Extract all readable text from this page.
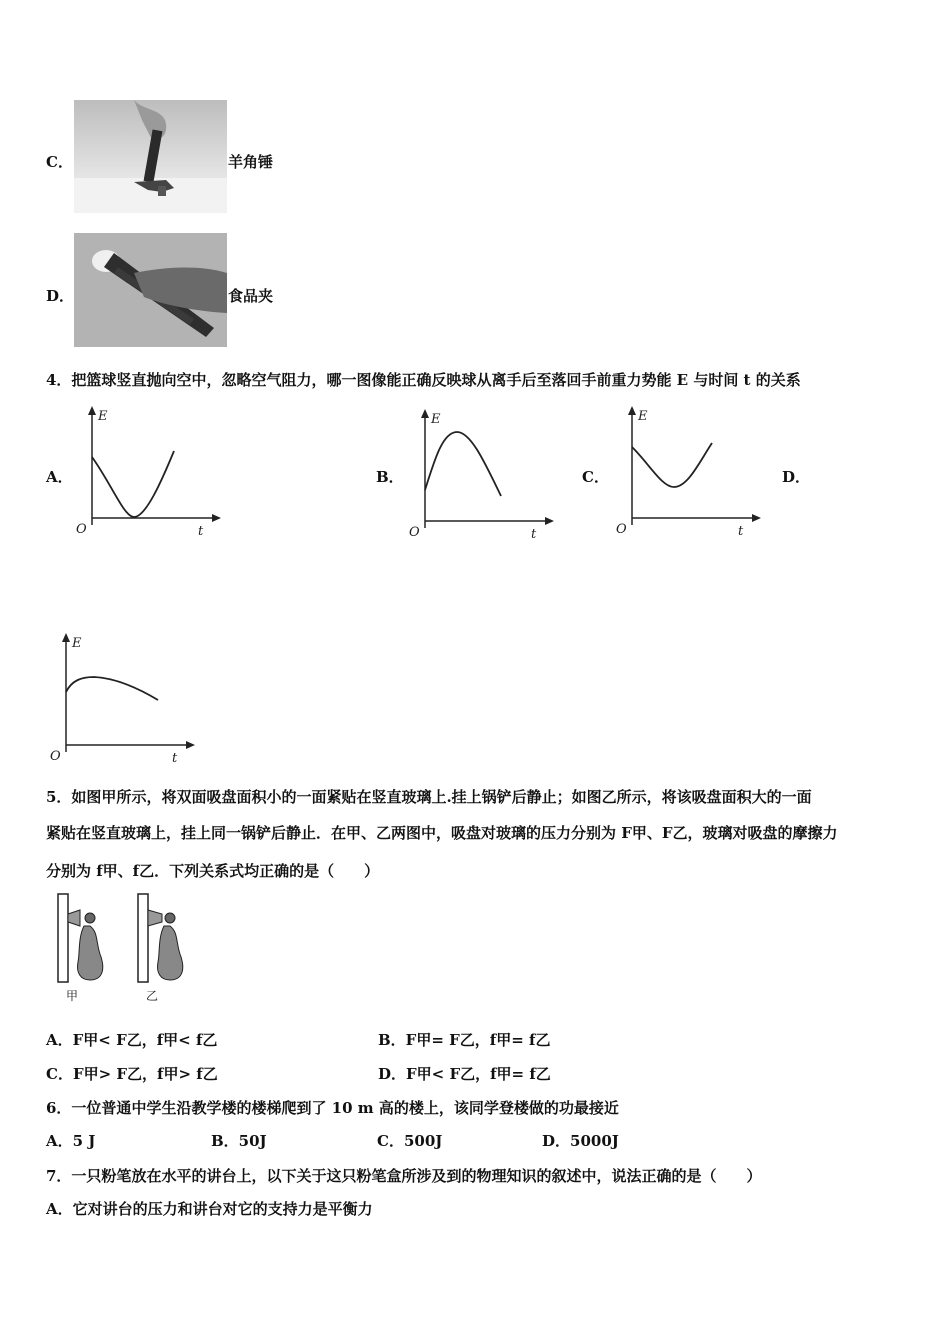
C．	羊角锤
D．	食品夹
4．把篮球竖直抛向空中，忽略空气阻力，哪一图像能正确反映球从离手后至落回手前重力势能 E 与时间 t 的关系
A．
E
t
O
B．
E
t
O
C．
E
t
O
D．
E
t
O
5．如图甲所示，将双面吸盘面积小的一面紧贴在竖直玻璃上.挂上锅铲后静止；如图乙所示，将该吸盘面积大的一面
紧贴在竖直玻璃上，挂上同一锅铲后静止．在甲、乙两图中，吸盘对玻璃的压力分别为 F甲、F乙，玻璃对吸盘的摩擦力
分别为 f甲、f乙．下列关系式均正确的是（　　）
甲	乙
A．F甲< F乙，f甲< f乙	B．F甲= F乙，f甲= f乙
C．F甲> F乙，f甲> f乙	D．F甲< F乙，f甲= f乙
6．一位普通中学生沿教学楼的楼梯爬到了 10 m 高的楼上，该同学登楼做的功最接近
A．5 J	B．50J	C．500J	D．5000J
7．一只粉笔放在水平的讲台上，以下关于这只粉笔盒所涉及到的物理知识的叙述中，说法正确的是（　　）
A．它对讲台的压力和讲台对它的支持力是平衡力
